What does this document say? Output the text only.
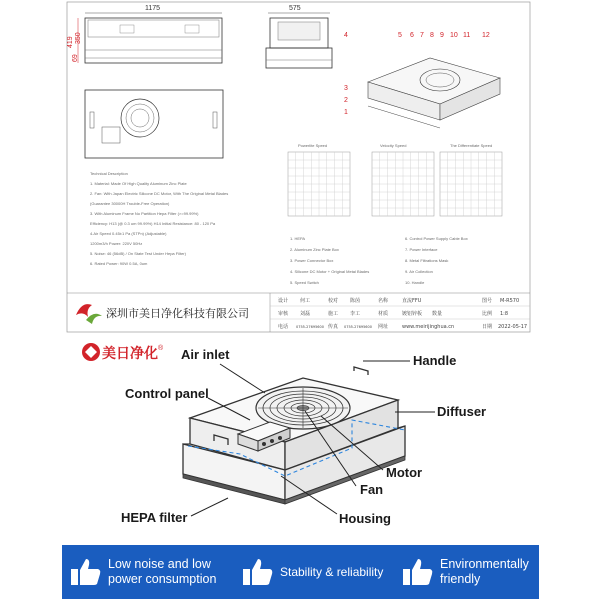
1175	575
419 350
69
4	5 6 7 8 9 10 11 12
3
2
1
Powerlite Speed	Velocity Speed	The Differentiate Speed
Technical Description
1. Material: Made Of High Quality Aluminum Zinc Plate
2. Fan: With Japan Electric Silicone DC Motor, With The Original Metal Blades
(Guarantee 30000H Trouble-Free Operation)
3. With Aluminum Frame No Partition Hepa Filter (>=99.99%)
Efficiency: H13 (@ 0.3 um 99.99%) H14 Initial Resistance: 80 - 120 Pa
4.Air Speed 0.45±1 Pa (STPn) (Adjustable)
1200m3/h Power: 220V 50Hz
5. Noise: 46 (56dB) / On State Test Under Hepa Filter)
6. Rated Power: 90W 0.5A, 0um
1. HEPA
2. Aluminum Zinc Plate Box
3. Power Connector Box
4. Silicone DC Motor + Original Metal Blades
5. Speed Switch
6. Control Power Supply Cable Box
7. Power Interface
8. Metal Filtrations Mask
9. Air Collection
10. Handle
深圳市美日净化科技有限公司
设计 何工	校对 陈茵	名称	直流FFU	图号 M-R570
审核 刘磊	施工 李工	材质	镀铝锌板 数量	比例 1:8
电话 0755-27695600 传真 0755-27695600 网址	www.meirijinghua.cn	日期 2022-05-17
美日净化 ® Air inlet	Handle
Control panel
Diffuser
Motor
Fan
HEPA filter	Housing
Low noise and low
power consumption
Stability & reliability
Environmentally
friendly
